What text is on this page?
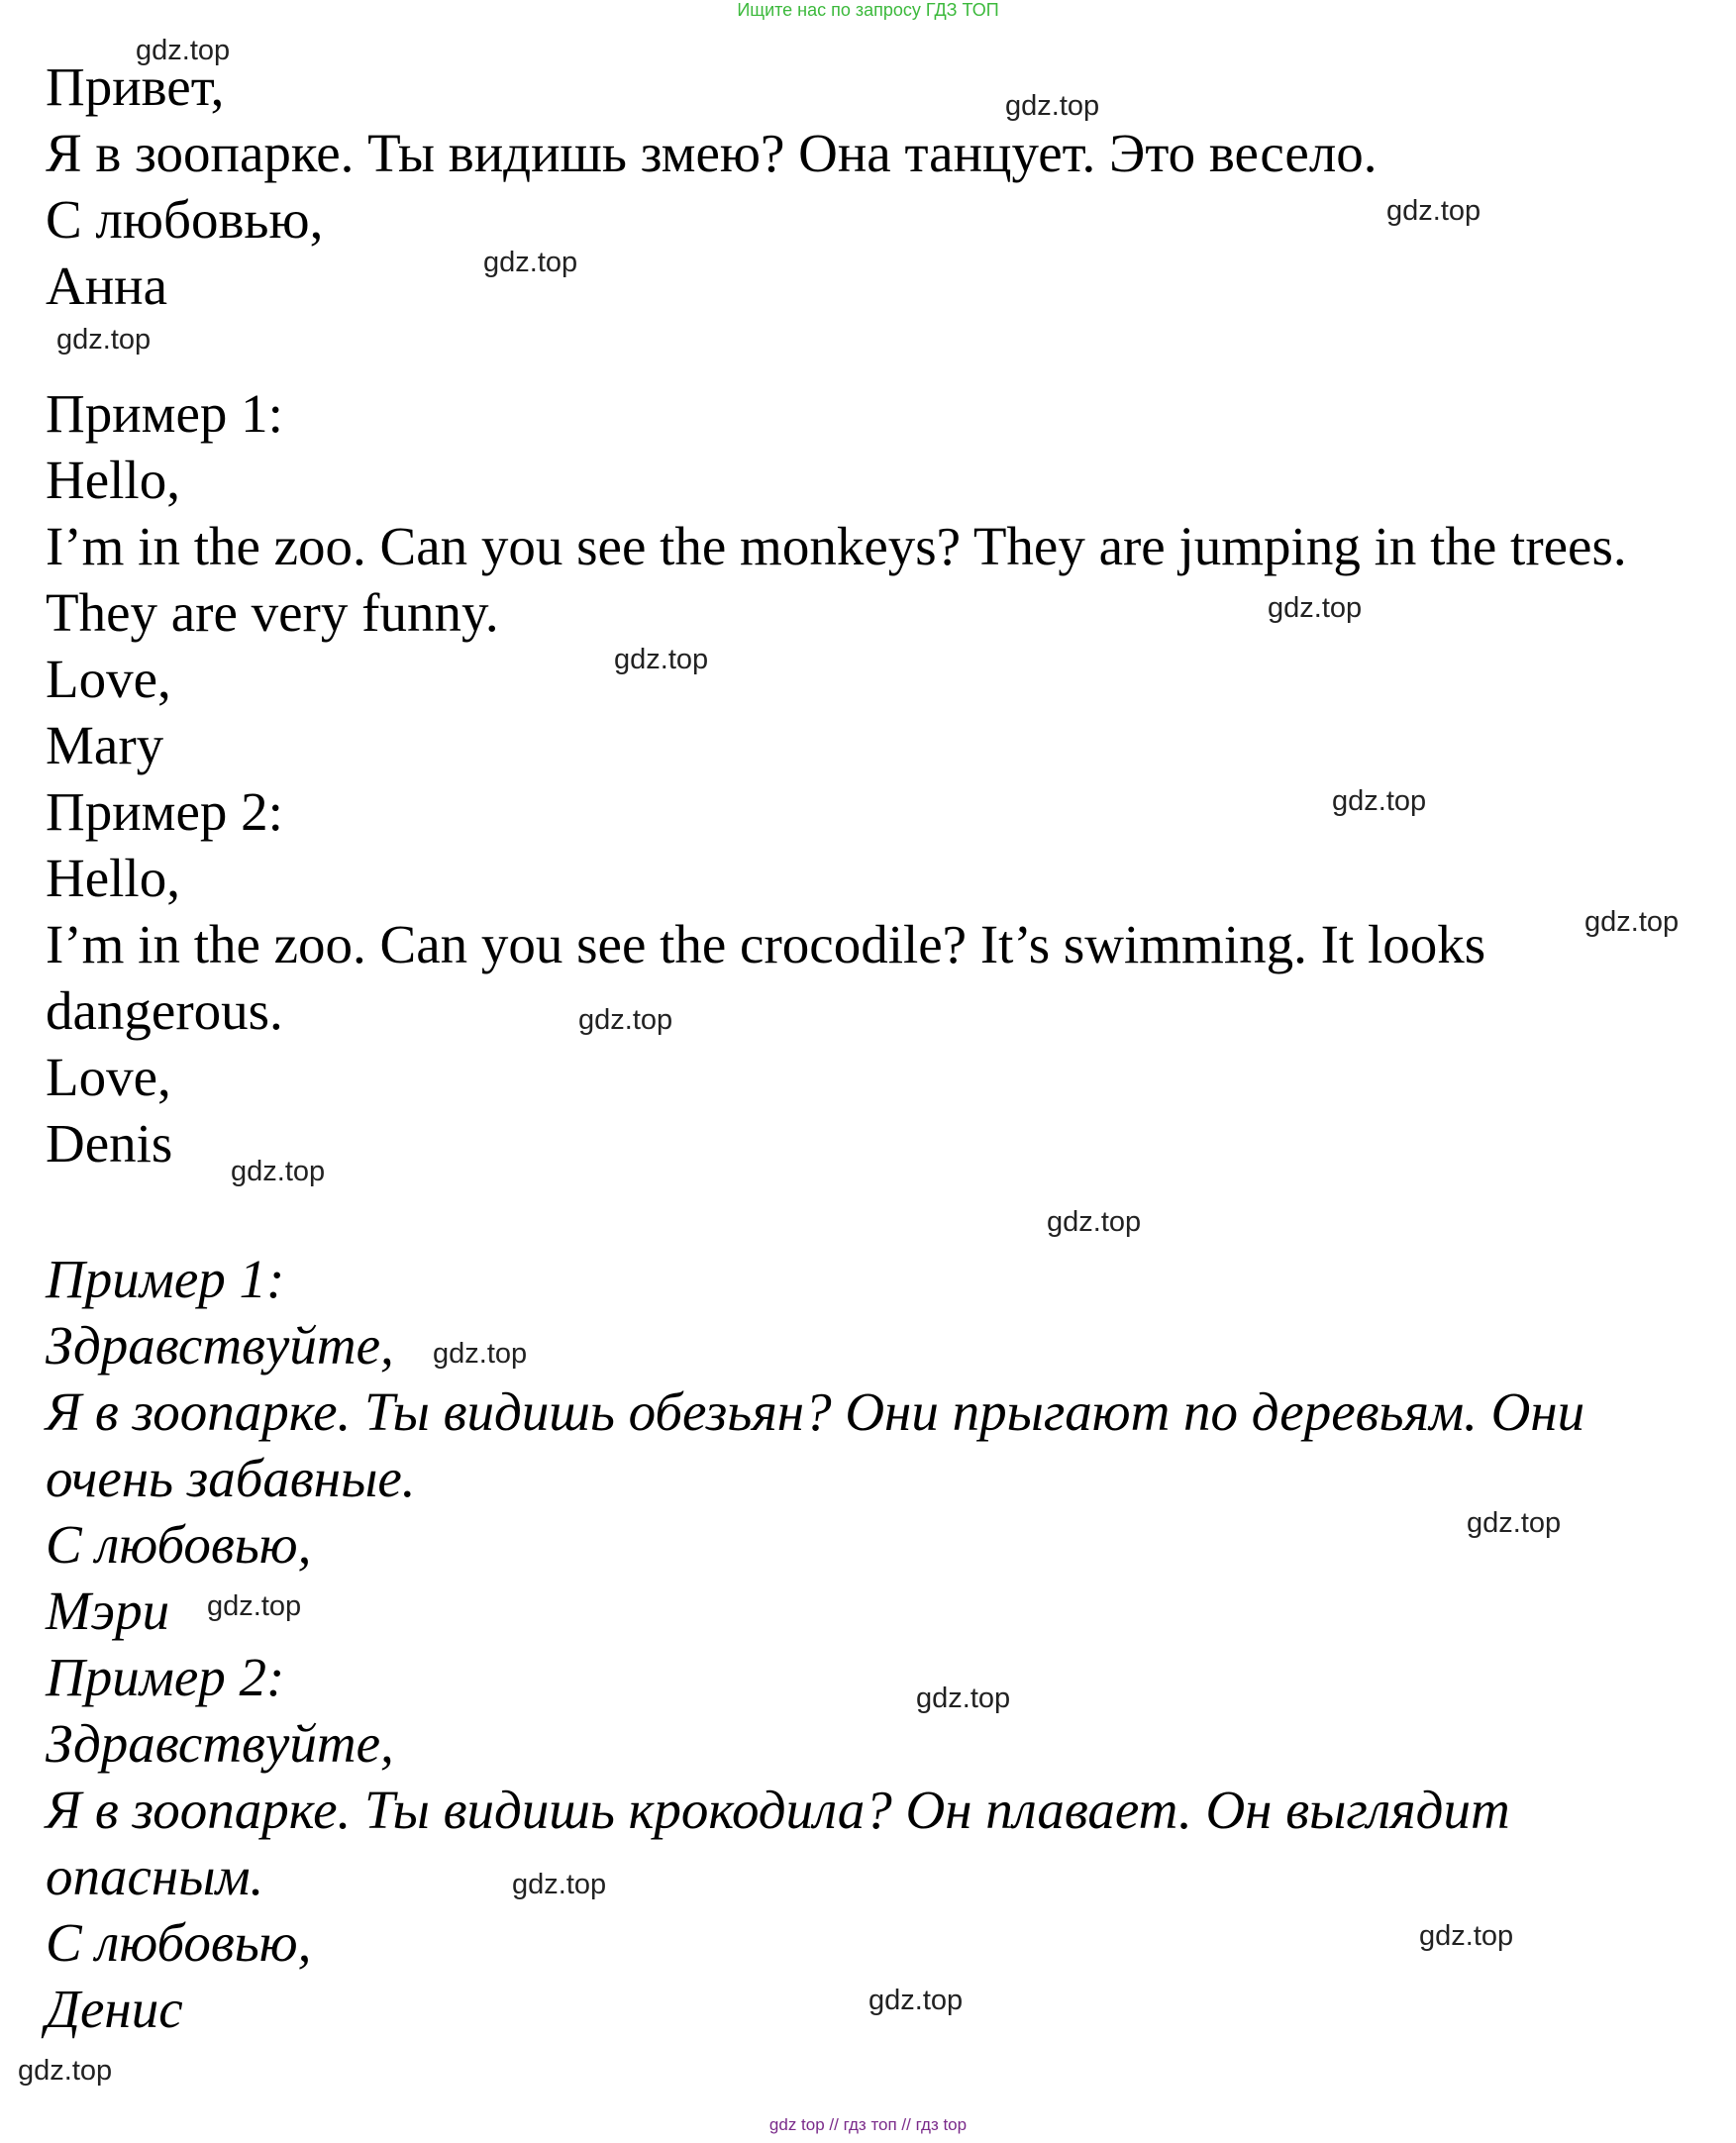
Ищите нас по запросу ГДЗ ТОП
Привет,
Я в зоопарке. Ты видишь змею? Она танцует. Это весело.
С любовью,
Анна
Пример 1:
Hello,
I’m in the zoo. Can you see the monkeys? They are jumping in the trees.
They are very funny.
Love,
Mary
Пример 2:
Hello,
I’m in the zoo. Can you see the crocodile? It’s swimming. It looks
dangerous.
Love,
Denis
Пример 1:
Здравствуйте,
Я в зоопарке. Ты видишь обезьян? Они прыгают по деревьям. Они
очень забавные.
С любовью,
Мэри
Пример 2:
Здравствуйте,
Я в зоопарке. Ты видишь крокодила? Он плавает. Он выглядит
опасным.
С любовью,
Денис
gdz.top
gdz.top
gdz.top
gdz.top
gdz.top
gdz.top
gdz.top
gdz.top
gdz.top
gdz.top
gdz.top
gdz.top
gdz.top
gdz.top
gdz.top
gdz.top
gdz.top
gdz.top
gdz.top
gdz.top
gdz top // гдз топ // гдз top
